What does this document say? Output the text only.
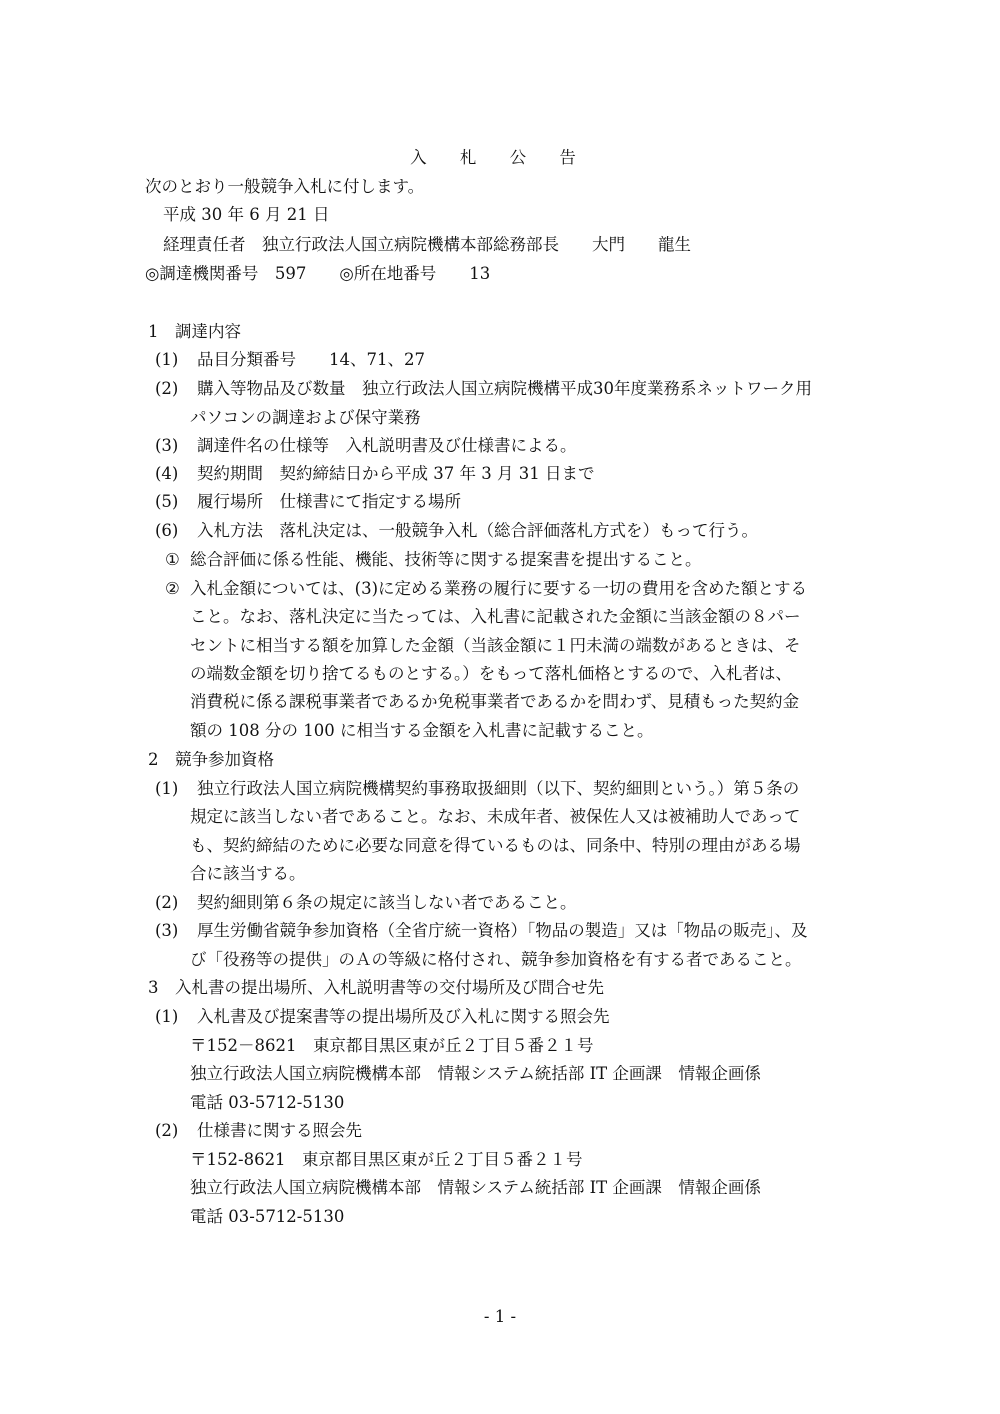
入 札 公 告
次のとおり一般競争入札に付します。
平成 30 年 6 月 21 日
経理責任者　独立行政法人国立病院機構本部総務部長　　大門　　龍生
◎調達機関番号　597　　◎所在地番号　　13
1　調達内容
(1)	品目分類番号　　14、71、27
(2)	購入等物品及び数量　独立行政法人国立病院機構平成30年度業務系ネットワーク用
パソコンの調達および保守業務
(3)	調達件名の仕様等　入札説明書及び仕様書による。
(4)	契約期間　契約締結日から平成 37 年 3 月 31 日まで
(5)	履行場所　仕様書にて指定する場所
(6)	入札方法　落札決定は、一般競争入札（総合評価落札方式を）もって行う。
① 総合評価に係る性能、機能、技術等に関する提案書を提出すること。
② 入札金額については、(3)に定める業務の履行に要する一切の費用を含めた額とする
こと。なお、落札決定に当たっては、入札書に記載された金額に当該金額の８パー
セントに相当する額を加算した金額（当該金額に１円未満の端数があるときは、そ
の端数金額を切り捨てるものとする。）をもって落札価格とするので、入札者は、
消費税に係る課税事業者であるか免税事業者であるかを問わず、見積もった契約金
額の 108 分の 100 に相当する金額を入札書に記載すること。
2　競争参加資格
(1)	独立行政法人国立病院機構契約事務取扱細則（以下、契約細則という。）第５条の
規定に該当しない者であること。なお、未成年者、被保佐人又は被補助人であって
も、契約締結のために必要な同意を得ているものは、同条中、特別の理由がある場
合に該当する。
(2)	契約細則第６条の規定に該当しない者であること。
(3)	厚生労働省競争参加資格（全省庁統一資格）「物品の製造」又は「物品の販売」、及
び「役務等の提供」のＡの等級に格付され、競争参加資格を有する者であること。
3　入札書の提出場所、入札説明書等の交付場所及び問合せ先
(1)	入札書及び提案書等の提出場所及び入札に関する照会先
〒152－8621　東京都目黒区東が丘２丁目５番２１号
独立行政法人国立病院機構本部　情報システム統括部 IT 企画課　情報企画係
電話 03-5712-5130
(2)	仕様書に関する照会先
〒152-8621　東京都目黒区東が丘２丁目５番２１号
独立行政法人国立病院機構本部　情報システム統括部 IT 企画課　情報企画係
電話 03-5712-5130
- 1 -
